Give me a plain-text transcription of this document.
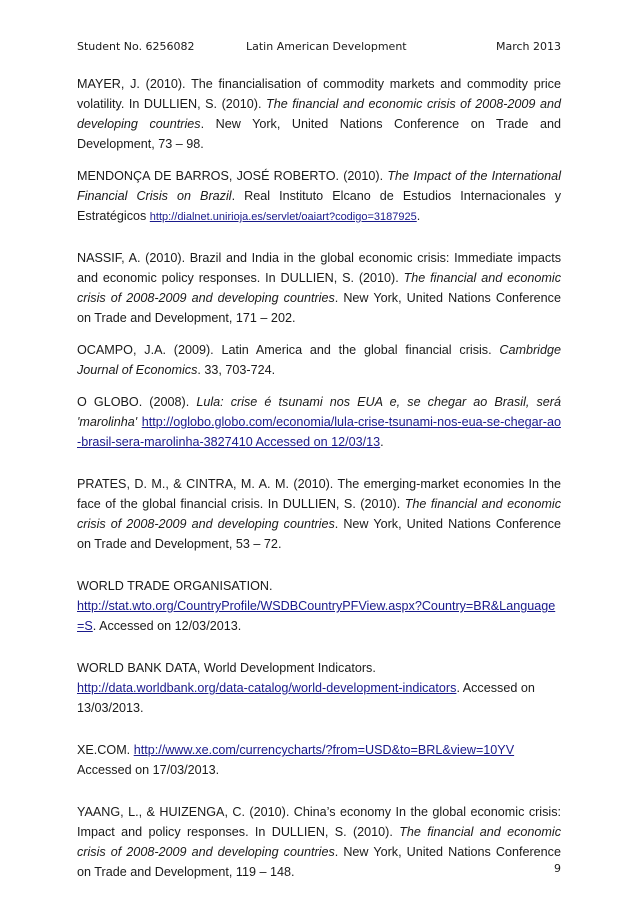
Student No. 6256082	Latin American Development	March 2013

MAYER, J. (2010). The financialisation of commodity markets and commodity price volatility. In DULLIEN, S. (2010). The financial and economic crisis of 2008-2009 and developing countries. New York, United Nations Conference on Trade and Development, 73 – 98.

MENDONÇA DE BARROS, JOSÉ ROBERTO. (2010). The Impact of the International Financial Crisis on Brazil. Real Instituto Elcano de Estudios Internacionales y Estratégicos http://dialnet.unirioja.es/servlet/oaiart?codigo=3187925.

NASSIF, A. (2010). Brazil and India in the global economic crisis: Immediate impacts and economic policy responses. In DULLIEN, S. (2010). The financial and economic crisis of 2008-2009 and developing countries. New York, United Nations Conference on Trade and Development, 171 – 202.

OCAMPO, J.A. (2009). Latin America and the global financial crisis. Cambridge Journal of Economics. 33, 703-724.

O GLOBO. (2008). Lula: crise é tsunami nos EUA e, se chegar ao Brasil, será 'marolinha' http://oglobo.globo.com/economia/lula-crise-tsunami-nos-eua-se-chegar-ao-brasil-sera-marolinha-3827410 Accessed on 12/03/13.

PRATES, D. M., & CINTRA, M. A. M. (2010). The emerging-market economies In the face of the global financial crisis. In DULLIEN, S. (2010). The financial and economic crisis of 2008-2009 and developing countries. New York, United Nations Conference on Trade and Development, 53 – 72.

WORLD TRADE ORGANISATION.
http://stat.wto.org/CountryProfile/WSDBCountryPFView.aspx?Country=BR&Language=S. Accessed on 12/03/2013.

WORLD BANK DATA, World Development Indicators.
http://data.worldbank.org/data-catalog/world-development-indicators. Accessed on 13/03/2013.

XE.COM. http://www.xe.com/currencycharts/?from=USD&to=BRL&view=10YV
Accessed on 17/03/2013.

YAANG, L., & HUIZENGA, C. (2010). China’s economy In the global economic crisis: Impact and policy responses. In DULLIEN, S. (2010). The financial and economic crisis of 2008-2009 and developing countries. New York, United Nations Conference on Trade and Development, 119 – 148.	9
